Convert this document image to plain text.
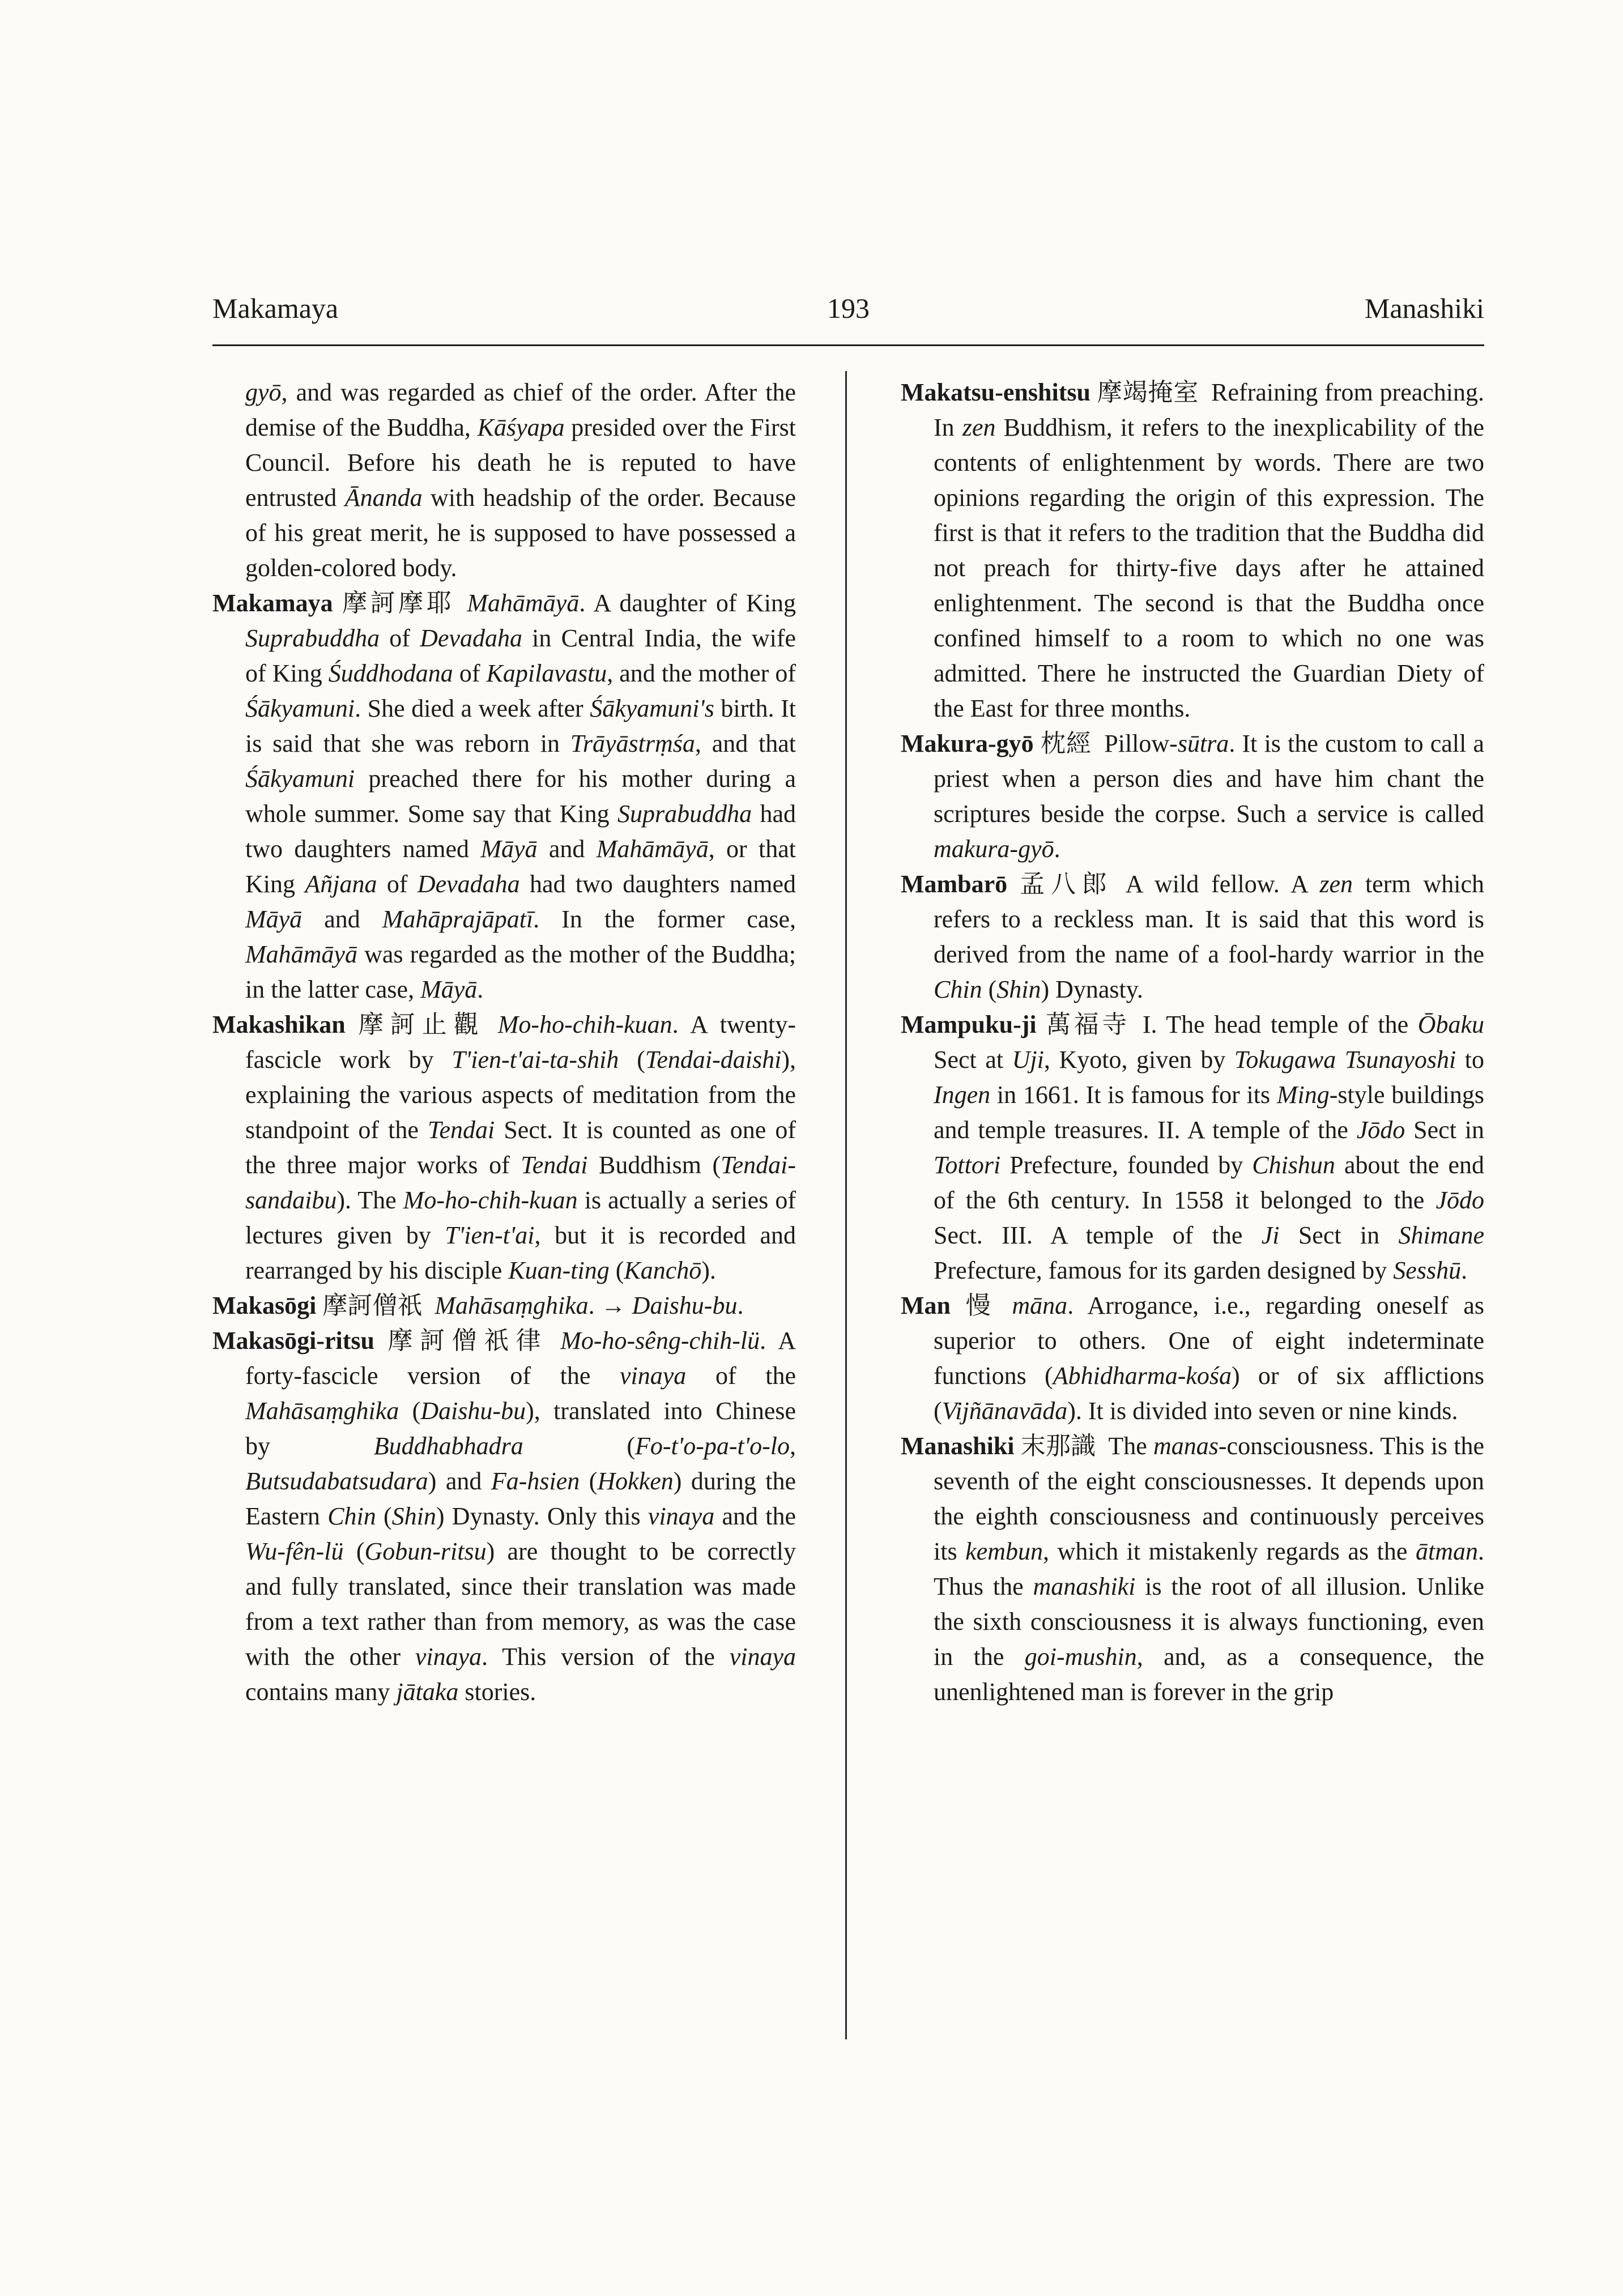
Makamaya	193	Manashiki

gyō, and was regarded as chief of the order. After the demise of the Buddha, Kāśyapa presided over the First Council. Before his death he is reputed to have entrusted Ānanda with headship of the order. Because of his great merit, he is supposed to have possessed a golden-colored body.

Makamaya 摩訶摩耶  Mahāmāyā. A daughter of King Suprabuddha of Devadaha in Central India, the wife of King Śuddhodana of Kapilavastu, and the mother of Śākyamuni. She died a week after Śākyamuni's birth. It is said that she was reborn in Trāyāstrṃśa, and that Śākyamuni preached there for his mother during a whole summer. Some say that King Suprabuddha had two daughters named Māyā and Mahāmāyā, or that King Añjana of Devadaha had two daughters named Māyā and Mahāprajāpatī. In the former case, Mahāmāyā was regarded as the mother of the Buddha; in the latter case, Māyā.

Makashikan 摩訶止觀  Mo-ho-chih-kuan. A twenty-fascicle work by T'ien-t'ai-ta-shih (Tendai-daishi), explaining the various aspects of meditation from the standpoint of the Tendai Sect. It is counted as one of the three major works of Tendai Buddhism (Tendai-sandaibu). The Mo-ho-chih-kuan is actually a series of lectures given by T'ien-t'ai, but it is recorded and rearranged by his disciple Kuan-ting (Kanchō).

Makasōgi 摩訶僧祇  Mahāsaṃghika. → Daishu-bu.

Makasōgi-ritsu 摩訶僧祇律  Mo-ho-sêng-chih-lü. A forty-fascicle version of the vinaya of the Mahāsaṃghika (Daishu-bu), translated into Chinese by Buddhabhadra (Fo-t'o-pa-t'o-lo, Butsudabatsudara) and Fa-hsien (Hokken) during the Eastern Chin (Shin) Dynasty. Only this vinaya and the Wu-fên-lü (Gobun-ritsu) are thought to be correctly and fully translated, since their translation was made from a text rather than from memory, as was the case with the other vinaya. This version of the vinaya contains many jātaka stories.

Makatsu-enshitsu 摩竭掩室  Refraining from preaching. In zen Buddhism, it refers to the inexplicability of the contents of enlightenment by words. There are two opinions regarding the origin of this expression. The first is that it refers to the tradition that the Buddha did not preach for thirty-five days after he attained enlightenment. The second is that the Buddha once confined himself to a room to which no one was admitted. There he instructed the Guardian Diety of the East for three months.

Makura-gyō 枕經  Pillow-sūtra. It is the custom to call a priest when a person dies and have him chant the scriptures beside the corpse. Such a service is called makura-gyō.

Mambarō 孟八郎  A wild fellow. A zen term which refers to a reckless man. It is said that this word is derived from the name of a fool-hardy warrior in the Chin (Shin) Dynasty.

Mampuku-ji 萬福寺  I. The head temple of the Ōbaku Sect at Uji, Kyoto, given by Tokugawa Tsunayoshi to Ingen in 1661. It is famous for its Ming-style buildings and temple treasures. II. A temple of the Jōdo Sect in Tottori Prefecture, founded by Chishun about the end of the 6th century. In 1558 it belonged to the Jōdo Sect. III. A temple of the Ji Sect in Shimane Prefecture, famous for its garden designed by Sesshū.

Man 慢  māna. Arrogance, i.e., regarding oneself as superior to others. One of eight indeterminate functions (Abhidharma-kośa) or of six afflictions (Vijñānavāda). It is divided into seven or nine kinds.

Manashiki 末那識  The manas-consciousness. This is the seventh of the eight consciousnesses. It depends upon the eighth consciousness and continuously perceives its kembun, which it mistakenly regards as the ātman. Thus the manashiki is the root of all illusion. Unlike the sixth consciousness it is always functioning, even in the goi-mushin, and, as a consequence, the unenlightened man is forever in the grip
